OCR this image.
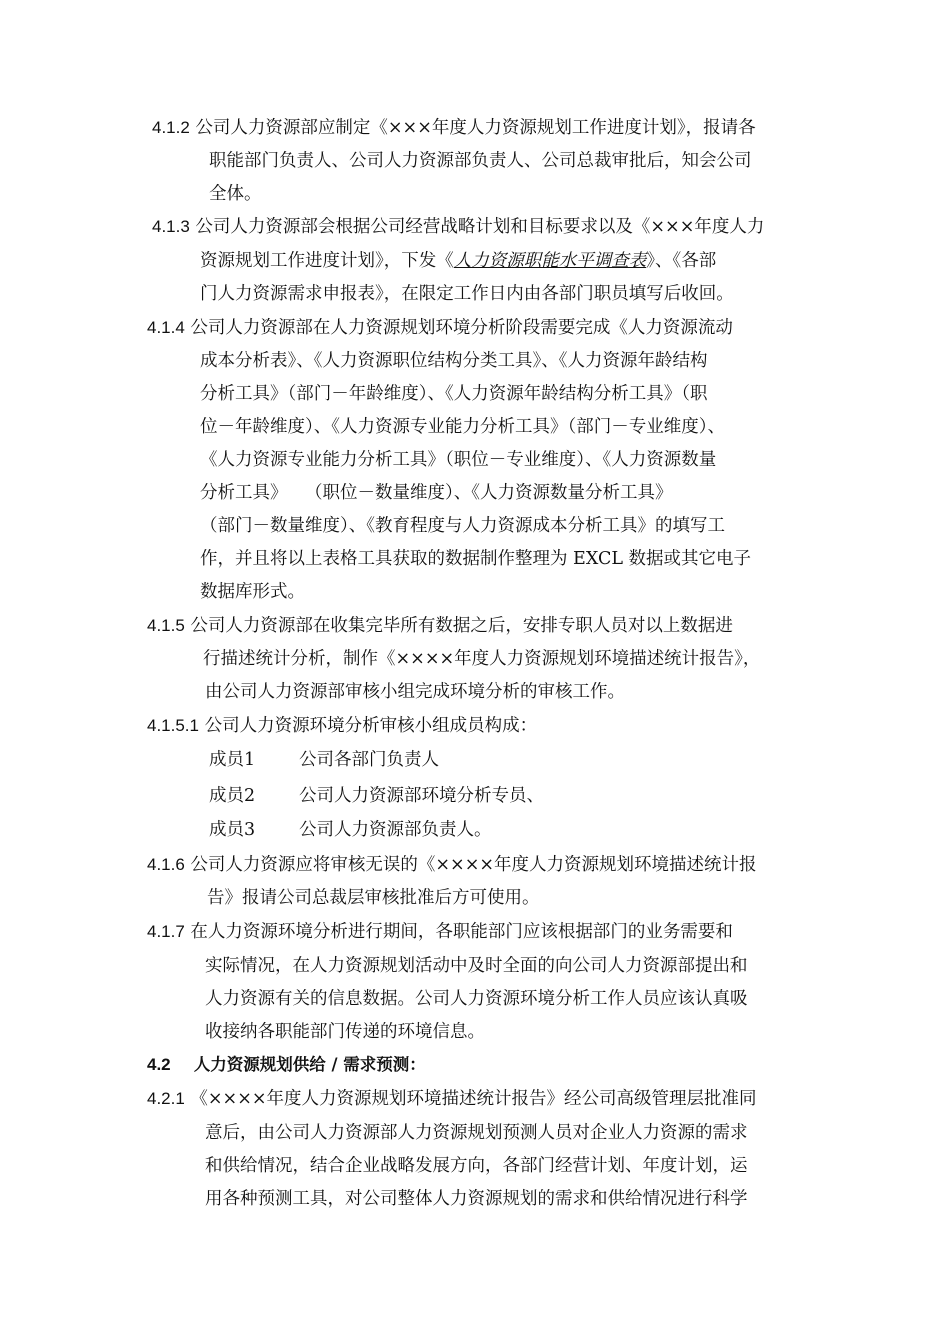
4.1.2 公司人力资源部应制定《×××年度人力资源规划工作进度计划》，报请各
职能部门负责人、公司人力资源部负责人、公司总裁审批后，知会公司
全体。
4.1.3 公司人力资源部会根据公司经营战略计划和目标要求以及《×××年度人力
资源规划工作进度计划》，下发《人力资源职能水平调查表》、《各部
门人力资源需求申报表》，在限定工作日内由各部门职员填写后收回。
4.1.4 公司人力资源部在人力资源规划环境分析阶段需要完成《人力资源流动
成本分析表》、《人力资源职位结构分类工具》、《人力资源年龄结构
分析工具》（部门－年龄维度）、《人力资源年龄结构分析工具》（职
位－年龄维度）、《人力资源专业能力分析工具》（部门－专业维度）、
《人力资源专业能力分析工具》（职位－专业维度）、《人力资源数量
分析工具》　　（职位－数量维度）、《人力资源数量分析工具》
（部门－数量维度）、《教育程度与人力资源成本分析工具》的填写工
作，并且将以上表格工具获取的数据制作整理为 EXCL 数据或其它电子
数据库形式。
4.1.5 公司人力资源部在收集完毕所有数据之后，安排专职人员对以上数据进
行描述统计分析，制作《××××年度人力资源规划环境描述统计报告》，
由公司人力资源部审核小组完成环境分析的审核工作。
4.1.5.1 公司人力资源环境分析审核小组成员构成：
成员1	公司各部门负责人
成员2	公司人力资源部环境分析专员、
成员3	公司人力资源部负责人。
4.1.6 公司人力资源应将审核无误的《××××年度人力资源规划环境描述统计报
告》报请公司总裁层审核批准后方可使用。
4.1.7 在人力资源环境分析进行期间，各职能部门应该根据部门的业务需要和
实际情况，在人力资源规划活动中及时全面的向公司人力资源部提出和
人力资源有关的信息数据。公司人力资源环境分析工作人员应该认真吸
收接纳各职能部门传递的环境信息。
4.2 人力资源规划供给 / 需求预测：
4.2.1 《××××年度人力资源规划环境描述统计报告》经公司高级管理层批准同
意后，由公司人力资源部人力资源规划预测人员对企业人力资源的需求
和供给情况，结合企业战略发展方向，各部门经营计划、年度计划，运
用各种预测工具，对公司整体人力资源规划的需求和供给情况进行科学
